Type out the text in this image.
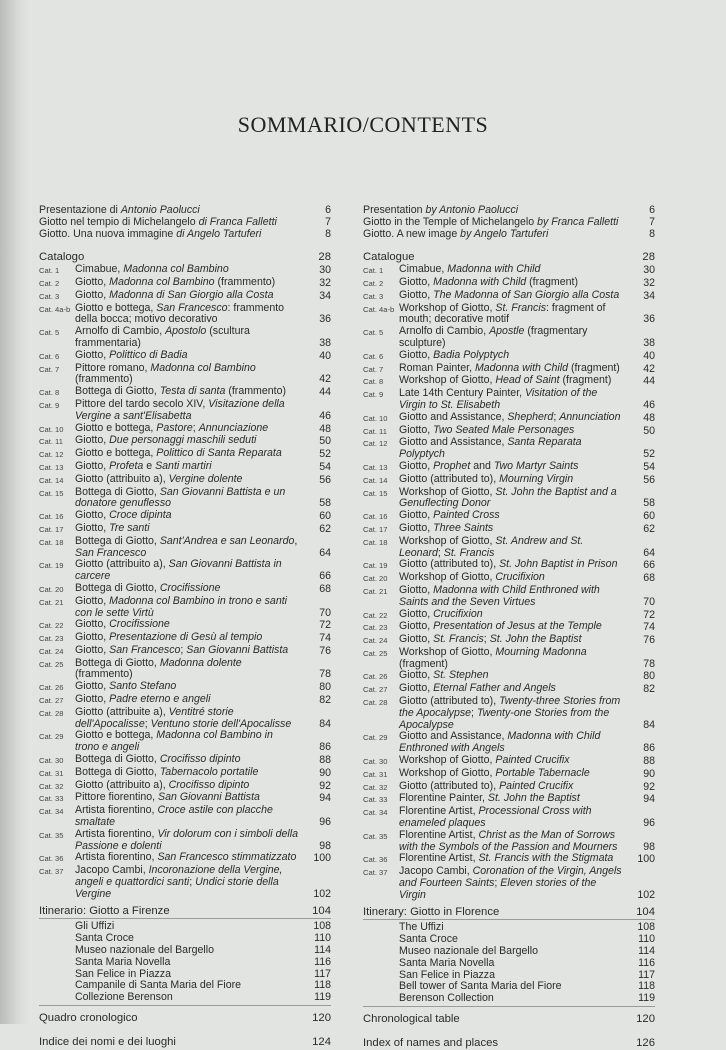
SOMMARIO/CONTENTS
Presentazione di Antonio Paolucci	6
Giotto nel tempio di Michelangelo di Franca Falletti	7
Giotto. Una nuova immagine di Angelo Tartuferi	8
Catalogo	28
Cat. 1	Cimabue, Madonna col Bambino	30
Cat. 2	Giotto, Madonna col Bambino (frammento)	32
Cat. 3	Giotto, Madonna di San Giorgio alla Costa	34
Cat. 4a-b Giotto e bottega, San Francesco: frammento della bocca; motivo decorativo	36
Cat. 5	Arnolfo di Cambio, Apostolo (scultura frammentaria)	38
Cat. 6	Giotto, Polittico di Badia	40
Cat. 7	Pittore romano, Madonna col Bambino (frammento)	42
Cat. 8	Bottega di Giotto, Testa di santa (frammento)	44
Cat. 9	Pittore del tardo secolo XIV, Visitazione della Vergine a sant'Elisabetta	46
Cat. 10	Giotto e bottega, Pastore; Annunciazione	48
Cat. 11	Giotto, Due personaggi maschili seduti	50
Cat. 12	Giotto e bottega, Polittico di Santa Reparata	52
Cat. 13	Giotto, Profeta e Santi martiri	54
Cat. 14	Giotto (attribuito a), Vergine dolente	56
Cat. 15	Bottega di Giotto, San Giovanni Battista e un donatore genuflesso	58
Cat. 16	Giotto, Croce dipinta	60
Cat. 17	Giotto, Tre santi	62
Cat. 18	Bottega di Giotto, Sant'Andrea e san Leonardo, San Francesco	64
Cat. 19	Giotto (attribuito a), San Giovanni Battista in carcere	66
Cat. 20	Bottega di Giotto, Crocifissione	68
Cat. 21	Giotto, Madonna col Bambino in trono e santi con le sette Virtù	70
Cat. 22	Giotto, Crocifissione	72
Cat. 23	Giotto, Presentazione di Gesù al tempio	74
Cat. 24	Giotto, San Francesco; San Giovanni Battista	76
Cat. 25	Bottega di Giotto, Madonna dolente (frammento)	78
Cat. 26	Giotto, Santo Stefano	80
Cat. 27	Giotto, Padre eterno e angeli	82
Cat. 28	Giotto (attribuite a), Ventitré storie dell'Apocalisse; Ventuno storie dell'Apocalisse	84
Cat. 29	Giotto e bottega, Madonna col Bambino in trono e angeli	86
Cat. 30	Bottega di Giotto, Crocifisso dipinto	88
Cat. 31	Bottega di Giotto, Tabernacolo portatile	90
Cat. 32	Giotto (attribuito a), Crocifisso dipinto	92
Cat. 33	Pittore fiorentino, San Giovanni Battista	94
Cat. 34	Artista fiorentino, Croce astile con placche smaltate	96
Cat. 35	Artista fiorentino, Vir dolorum con i simboli della Passione e dolenti	98
Cat. 36	Artista fiorentino, San Francesco stimmatizzato	100
Cat. 37	Jacopo Cambi, Incoronazione della Vergine, angeli e quattordici santi; Undici storie della Vergine	102
Itinerario: Giotto a Firenze	104
Gli Uffizi	108
Santa Croce	110
Museo nazionale del Bargello	114
Santa Maria Novella	116
San Felice in Piazza	117
Campanile di Santa Maria del Fiore	118
Collezione Berenson	119
Quadro cronologico	120
Indice dei nomi e dei luoghi	124
Presentation by Antonio Paolucci	6
Giotto in the Temple of Michelangelo by Franca Falletti	7
Giotto. A new image by Angelo Tartuferi	8
Catalogue	28
Cat. 1	Cimabue, Madonna with Child	30
Cat. 2	Giotto, Madonna with Child (fragment)	32
Cat. 3	Giotto, The Madonna of San Giorgio alla Costa	34
Cat. 4a-b Workshop of Giotto, St. Francis: fragment of mouth; decorative motif	36
Cat. 5	Arnolfo di Cambio, Apostle (fragmentary sculpture)	38
Cat. 6	Giotto, Badia Polyptych	40
Cat. 7	Roman Painter, Madonna with Child (fragment)	42
Cat. 8	Workshop of Giotto, Head of Saint (fragment)	44
Cat. 9	Late 14th Century Painter, Visitation of the Virgin to St. Elisabeth	46
Cat. 10	Giotto and Assistance, Shepherd; Annunciation	48
Cat. 11	Giotto, Two Seated Male Personages	50
Cat. 12	Giotto and Assistance, Santa Reparata Polyptych	52
Cat. 13	Giotto, Prophet and Two Martyr Saints	54
Cat. 14	Giotto (attributed to), Mourning Virgin	56
Cat. 15	Workshop of Giotto, St. John the Baptist and a Genuflecting Donor	58
Cat. 16	Giotto, Painted Cross	60
Cat. 17	Giotto, Three Saints	62
Cat. 18	Workshop of Giotto, St. Andrew and St. Leonard; St. Francis	64
Cat. 19	Giotto (attributed to), St. John Baptist in Prison	66
Cat. 20	Workshop of Giotto, Crucifixion	68
Cat. 21	Giotto, Madonna with Child Enthroned with Saints and the Seven Virtues	70
Cat. 22	Giotto, Crucifixion	72
Cat. 23	Giotto, Presentation of Jesus at the Temple	74
Cat. 24	Giotto, St. Francis; St. John the Baptist	76
Cat. 25	Workshop of Giotto, Mourning Madonna (fragment)	78
Cat. 26	Giotto, St. Stephen	80
Cat. 27	Giotto, Eternal Father and Angels	82
Cat. 28	Giotto (attributed to), Twenty-three Stories from the Apocalypse; Twenty-one Stories from the Apocalypse	84
Cat. 29	Giotto and Assistance, Madonna with Child Enthroned with Angels	86
Cat. 30	Workshop of Giotto, Painted Crucifix	88
Cat. 31	Workshop of Giotto, Portable Tabernacle	90
Cat. 32	Giotto (attributed to), Painted Crucifix	92
Cat. 33	Florentine Painter, St. John the Baptist	94
Cat. 34	Florentine Artist, Processional Cross with enameled plaques	96
Cat. 35	Florentine Artist, Christ as the Man of Sorrows with the Symbols of the Passion and Mourners	98
Cat. 36	Florentine Artist, St. Francis with the Stigmata	100
Cat. 37	Jacopo Cambi, Coronation of the Virgin, Angels and Fourteen Saints; Eleven stories of the Virgin	102
Itinerary: Giotto in Florence	104
The Uffizi	108
Santa Croce	110
Museo nazionale del Bargello	114
Santa Maria Novella	116
San Felice in Piazza	117
Bell tower of Santa Maria del Fiore	118
Berenson Collection	119
Chronological table	120
Index of names and places	126
